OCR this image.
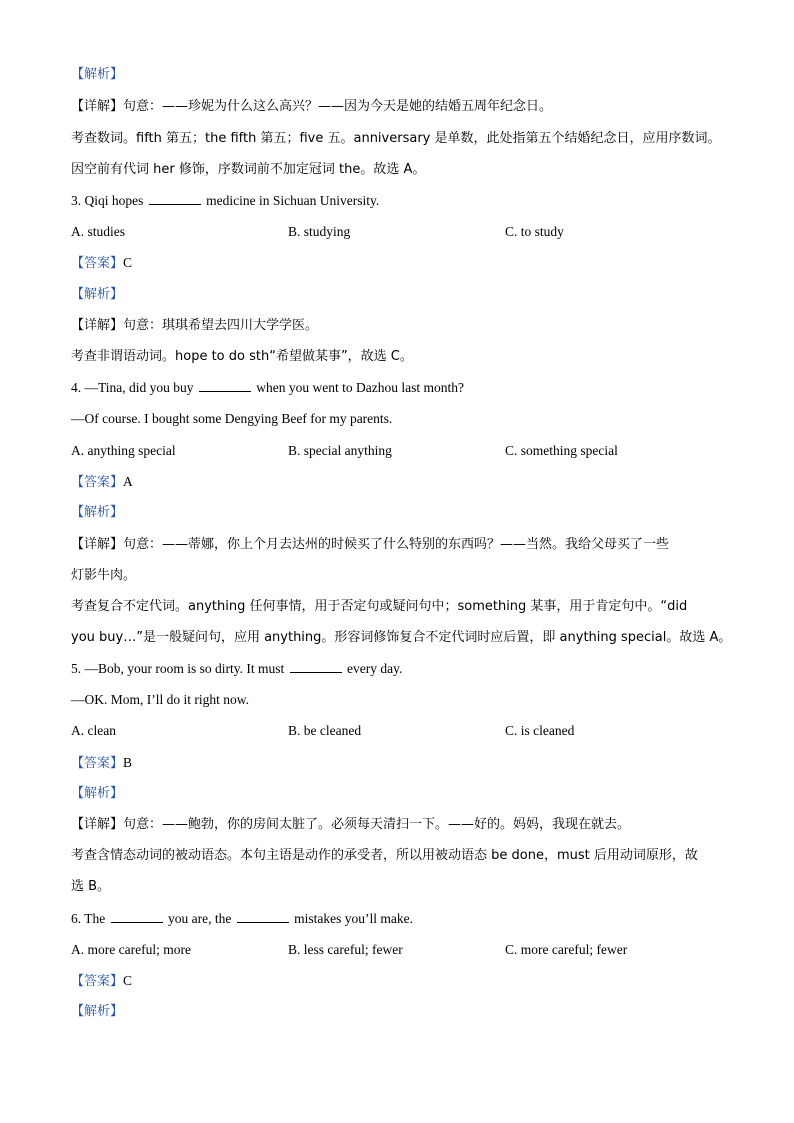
【解析】
【详解】句意：——珍妮为什么这么高兴？——因为今天是她的结婚五周年纪念日。
考查数词。fifth 第五；the fifth 第五；five 五。anniversary 是单数，此处指第五个结婚纪念日，应用序数词。
因空前有代词 her 修饰，序数词前不加定冠词 the。故选 A。
3. Qiqi hopes	medicine in Sichuan University.
A. studies	B. studying	C. to study
【答案】C
【解析】
【详解】句意：琪琪希望去四川大学学医。
考查非谓语动词。hope to do sth“希望做某事”，故选 C。
4. —Tina, did you buy	when you went to Dazhou last month?
—Of course. I bought some Dengying Beef for my parents.
A. anything special	B. special anything	C. something special
【答案】A
【解析】
【详解】句意：——蒂娜，你上个月去达州的时候买了什么特别的东西吗？——当然。我给父母买了一些
灯影牛肉。
考查复合不定代词。anything 任何事情，用于否定句或疑问句中；something 某事，用于肯定句中。“did
you buy…”是一般疑问句，应用 anything。形容词修饰复合不定代词时应后置，即 anything special。故选 A。
5. —Bob, your room is so dirty. It must	every day.
—OK. Mom, I’ll do it right now.
A. clean	B. be cleaned	C. is cleaned
【答案】B
【解析】
【详解】句意：——鲍勃，你的房间太脏了。必须每天清扫一下。——好的。妈妈，我现在就去。
考查含情态动词的被动语态。本句主语是动作的承受者，所以用被动语态 be done，must 后用动词原形，故
选 B。
6. The	you are, the	mistakes you’ll make.
A. more careful; more	B. less careful; fewer	C. more careful; fewer
【答案】C
【解析】
